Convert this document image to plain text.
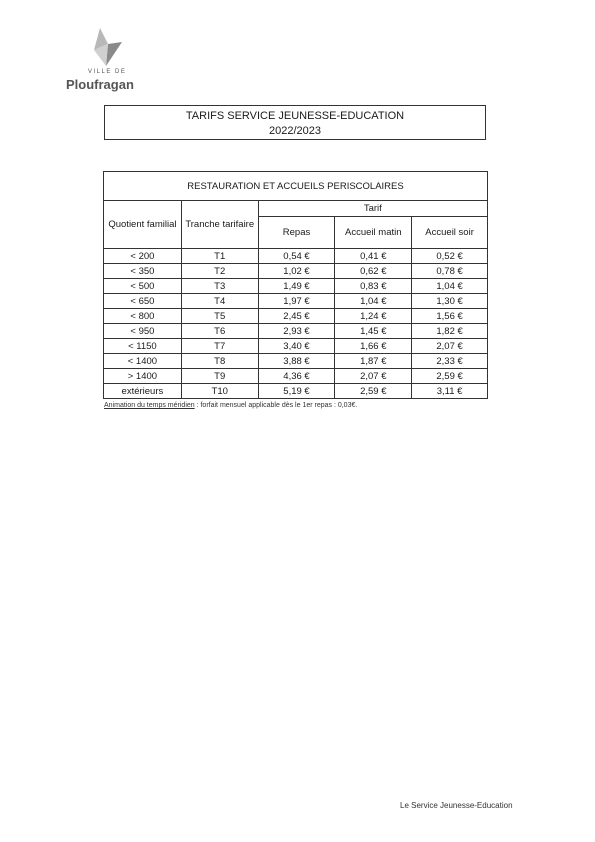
VILLE DE
Ploufragan
TARIFS SERVICE JEUNESSE-EDUCATION
2022/2023
RESTAURATION ET ACCUEILS PERISCOLAIRES				
Quotient familial	Tranche tarifaire	Tarif		
		Repas	Accueil matin	Accueil soir
< 200	T1	0,54 €	0,41 €	0,52 €
< 350	T2	1,02 €	0,62 €	0,78 €
< 500	T3	1,49 €	0,83 €	1,04 €
< 650	T4	1,97 €	1,04 €	1,30 €
< 800	T5	2,45 €	1,24 €	1,56 €
< 950	T6	2,93 €	1,45 €	1,82 €
< 1150	T7	3,40 €	1,66 €	2,07 €
< 1400	T8	3,88 €	1,87 €	2,33 €
> 1400	T9	4,36 €	2,07 €	2,59 €
extérieurs	T10	5,19 €	2,59 €	3,11 €
Animation du temps méridien : forfait mensuel applicable dès le 1er repas : 0,03€.
Le Service Jeunesse-Education
